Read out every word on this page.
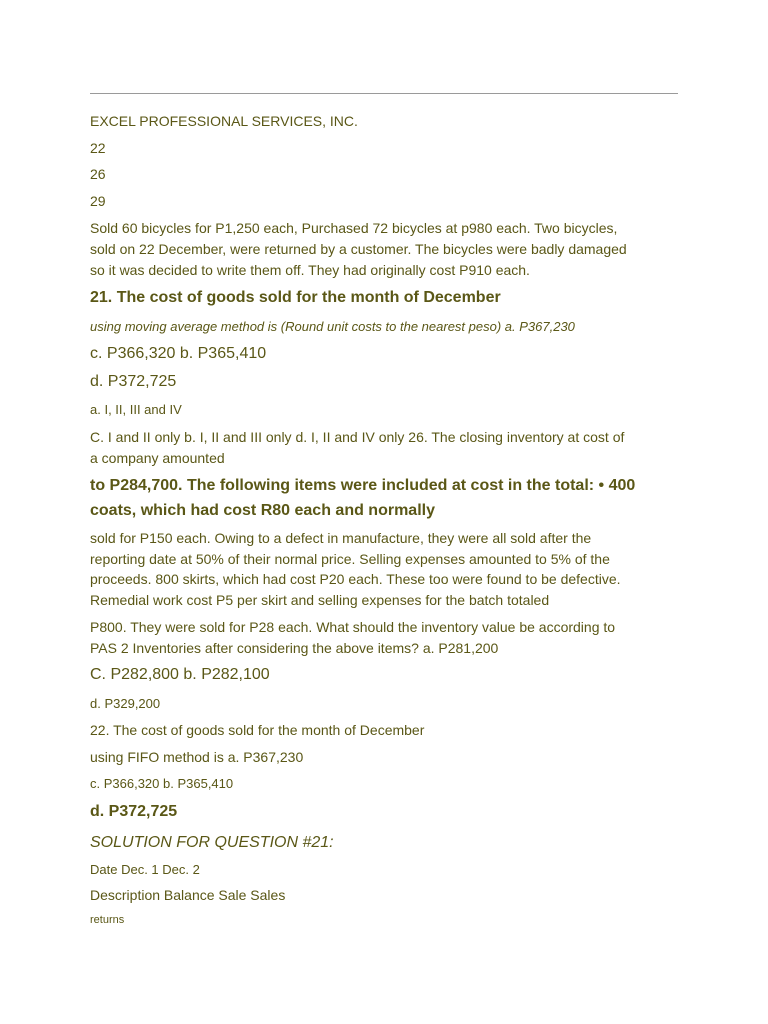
EXCEL PROFESSIONAL SERVICES, INC.

22

26

29

Sold 60 bicycles for P1,250 each, Purchased 72 bicycles at p980 each. Two bicycles,

sold on 22 December, were returned by a customer. The bicycles were badly damaged

so it was decided to write them off. They had originally cost P910 each.

21. The cost of goods sold for the month of December

using moving average method is (Round unit costs to the nearest peso) a. P367,230

c. P366,320 b. P365,410

d. P372,725

a. I, II, III and IV

C. I and II only b. I, II and III only d. I, II and IV only 26. The closing inventory at cost of

a company amounted

to P284,700. The following items were included at cost in the total: • 400

coats, which had cost R80 each and normally

sold for P150 each. Owing to a defect in manufacture, they were all sold after the

reporting date at 50% of their normal price. Selling expenses amounted to 5% of the

proceeds. 800 skirts, which had cost P20 each. These too were found to be defective.

Remedial work cost P5 per skirt and selling expenses for the batch totaled

P800. They were sold for P28 each. What should the inventory value be according to

PAS 2 Inventories after considering the above items? a. P281,200

C. P282,800 b. P282,100

d. P329,200

22. The cost of goods sold for the month of December

using FIFO method is a. P367,230

c. P366,320 b. P365,410

d. P372,725

SOLUTION FOR QUESTION #21:

Date Dec. 1 Dec. 2

Description Balance Sale Sales

returns
